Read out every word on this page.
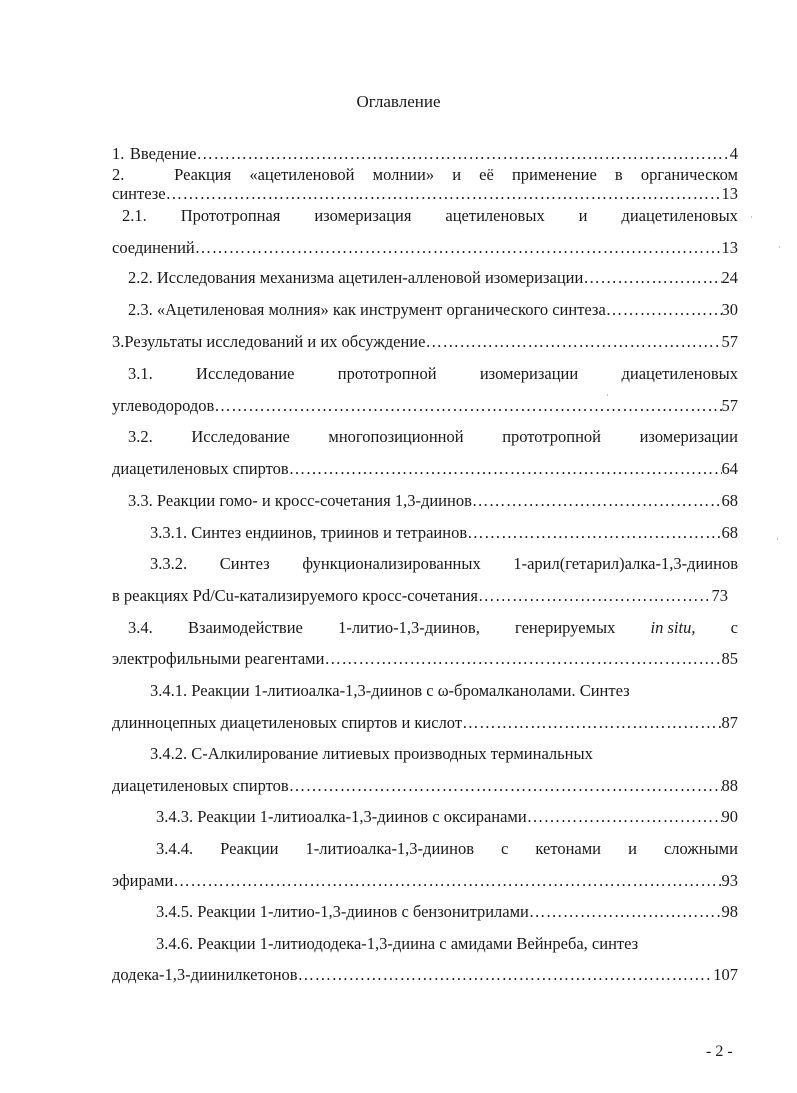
Оглавление
1. Введение ……………………………………………………………………………………………………………………………………………………………………………………………………………	4
2.	Реакция «ацетиленовой молнии» и её применение в органическом
синтезе ……………………………………………………………………………………………………………………………………………………………………………………………………………	13
2.1. Прототропная изомеризация ацетиленовых и диацетиленовых
соединений ……………………………………………………………………………………………………………………………………………………………………………………………………………	13
2.2.
Исследования механизма ацетилен-алленовой изомеризации ……………………………………………………………………………………………………………………………………………………………………………………………………………	24
2.3.
«Ацетиленовая молния» как инструмент органического синтеза ……………………………………………………………………………………………………………………………………………………………………………………………………………	30
3. Результаты исследований и их обсуждение ……………………………………………………………………………………………………………………………………………………………………………………………………………	57
3.1.	Исследование	прототропной	изомеризации	диацетиленовых
углеводородов ……………………………………………………………………………………………………………………………………………………………………………………………………………	57
3.2. Исследование многопозиционной прототропной изомеризации
диацетиленовых спиртов ……………………………………………………………………………………………………………………………………………………………………………………………………………	64
3.3.
Реакции гомо- и кросс-сочетания 1,3-диинов ……………………………………………………………………………………………………………………………………………………………………………………………………………	68
3.3.1.
Синтез ендиинов, триинов и тетраинов ……………………………………………………………………………………………………………………………………………………………………………………………………………	68
3.3.2. Синтез функционализированных 1-арил(гетарил)алка-1,3-диинов
в реакциях Pd/Cu-катализируемого кросс-сочетания ……………………………………………………………………………………………………………………………………………………………………………………………………………	73
3.4. Взаимодействие 1-литио-1,3-диинов, генерируемых in situ, с
электрофильными реагентами ……………………………………………………………………………………………………………………………………………………………………………………………………………	85
3.4.1.
Реакции 1-литиоалка-1,3-диинов с ω-бромалканолами. Синтез
длинноцепных диацетиленовых спиртов и кислот ……………………………………………………………………………………………………………………………………………………………………………………………………………	87
3.4.2.
С-Алкилирование литиевых производных терминальных
диацетиленовых спиртов ……………………………………………………………………………………………………………………………………………………………………………………………………………	88
3.4.3.
Реакции 1-литиоалка-1,3-диинов с оксиранами ……………………………………………………………………………………………………………………………………………………………………………………………………………	90
3.4.4. Реакции 1-литиоалка-1,3-диинов с кетонами и сложными
эфирами ……………………………………………………………………………………………………………………………………………………………………………………………………………	93
3.4.5.
Реакции 1-литио-1,3-диинов с бензонитрилами ……………………………………………………………………………………………………………………………………………………………………………………………………………	98
3.4.6.
Реакции 1-литиододека-1,3-диина с амидами Вейнреба, синтез
додека-1,3-диинилкетонов ……………………………………………………………………………………………………………………………………………………………………………………………………………	107
- 2 -
·
·
·
·
